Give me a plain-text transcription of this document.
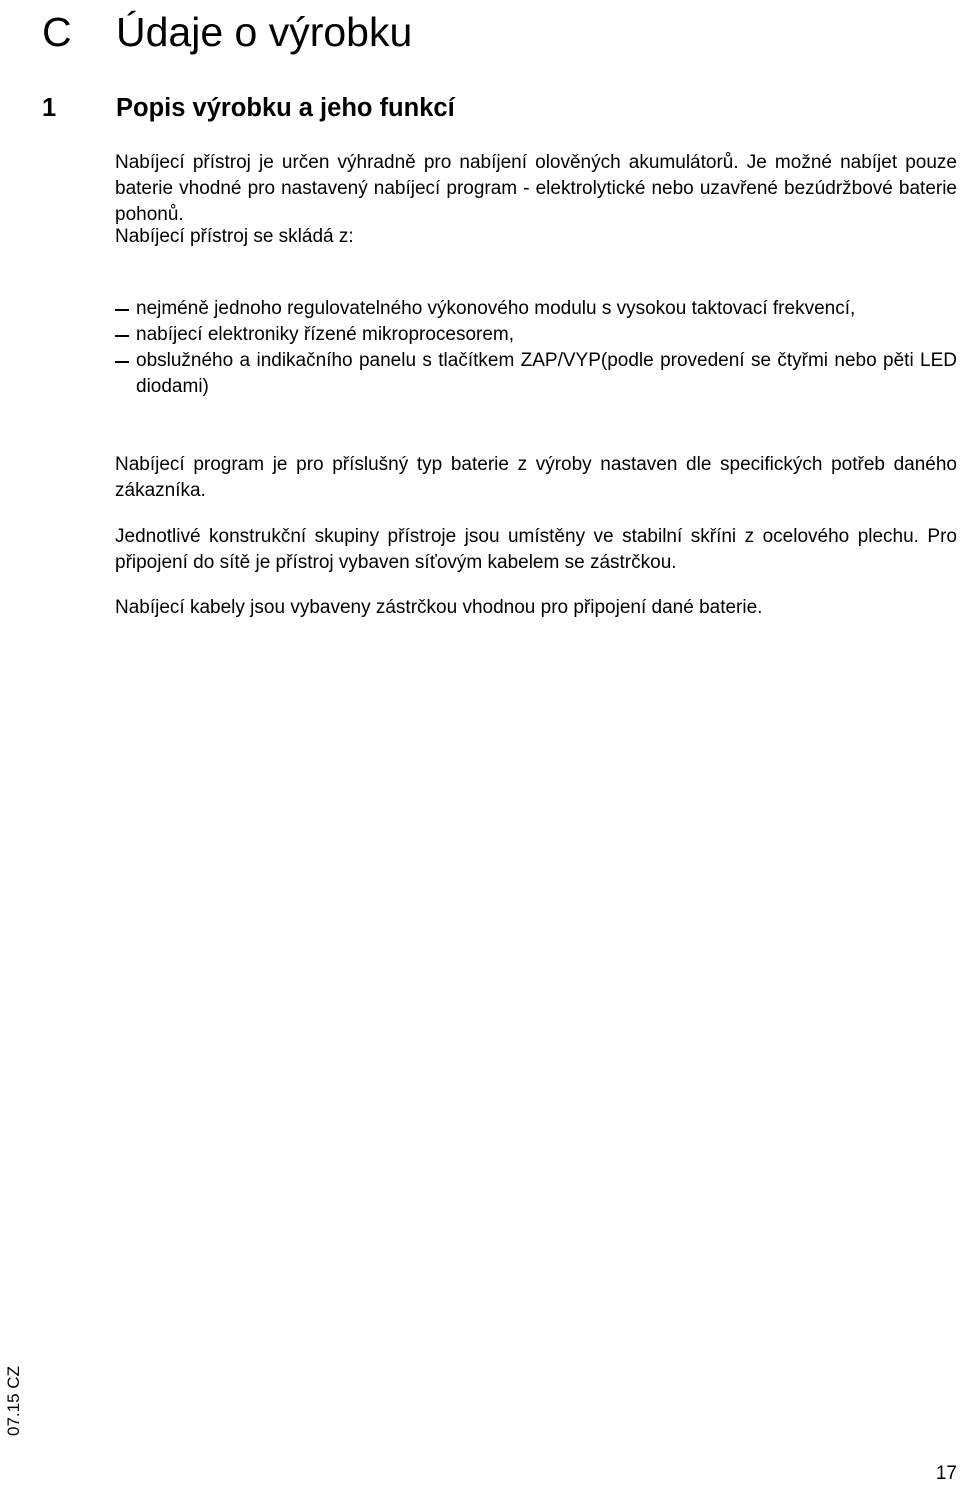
C Údaje o výrobku
1 Popis výrobku a jeho funkcí

Nabíjecí přístroj je určen výhradně pro nabíjení olověných akumulátorů. Je možné nabíjet pouze baterie vhodné pro nastavený nabíjecí program - elektrolytické nebo uzavřené bezúdržbové baterie pohonů.

Nabíjecí přístroj se skládá z:

nejméně jednoho regulovatelného výkonového modulu s vysokou taktovací frekvencí,
nabíjecí elektroniky řízené mikroprocesorem,
obslužného a indikačního panelu s tlačítkem ZAP/VYP(podle provedení se čtyřmi nebo pěti LED diodami)

Nabíjecí program je pro příslušný typ baterie z výroby nastaven dle specifických potřeb daného zákazníka.

Jednotlivé konstrukční skupiny přístroje jsou umístěny ve stabilní skříni z ocelového plechu. Pro připojení do sítě je přístroj vybaven síťovým kabelem se zástrčkou.

Nabíjecí kabely jsou vybaveny zástrčkou vhodnou pro připojení dané baterie.

07.15 CZ
17
